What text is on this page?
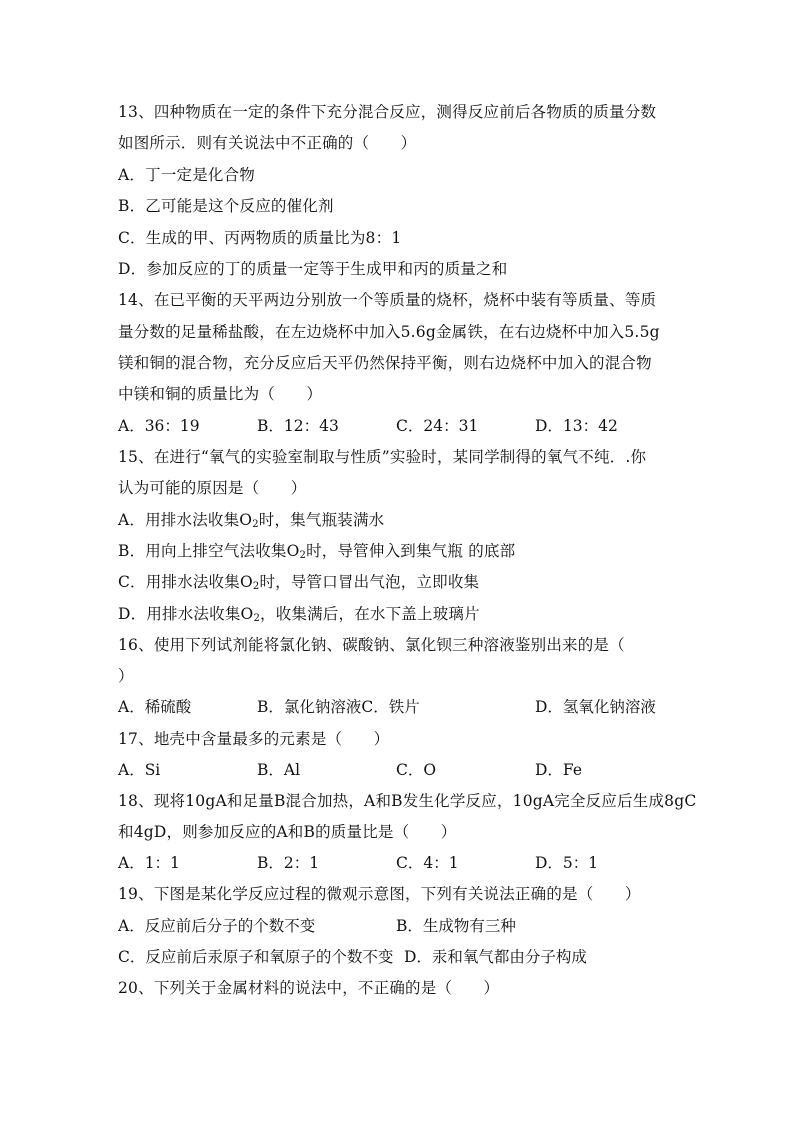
13、四种物质在一定的条件下充分混合反应，测得反应前后各物质的质量分数
如图所示．则有关说法中不正确的（　　）
A．丁一定是化合物
B．乙可能是这个反应的催化剂
C．生成的甲、丙两物质的质量比为8：1
D．参加反应的丁的质量一定等于生成甲和丙的质量之和
14、在已平衡的天平两边分别放一个等质量的烧杯，烧杯中装有等质量、等质
量分数的足量稀盐酸，在左边烧杯中加入5.6g金属铁，在右边烧杯中加入5.5g
镁和铜的混合物，充分反应后天平仍然保持平衡，则右边烧杯中加入的混合物
中镁和铜的质量比为（　　）
A．36：19	B．12：43	C．24：31	D．13：42
15、在进行“氧气的实验室制取与性质”实验时，某同学制得的氧气不纯．.你
认为可能的原因是（　　）
A．用排水法收集$O_2$时，集气瓶装满水
B．用向上排空气法收集$O_2$时，导管伸入到集气瓶 的底部
C．用排水法收集$O_2$时，导管口冒出气泡，立即收集
D．用排水法收集$O_2$，收集满后，在水下盖上玻璃片
16、使用下列试剂能将氯化钠、碳酸钠、氯化钡三种溶液鉴别出来的是（
）
A．稀硫酸	B．氯化钠溶液C．铁片	D．氢氧化钠溶液
17、地壳中含量最多的元素是（　　）
A．Si	B．Al	C．O	D．Fe
18、现将10gA和足量B混合加热，A和B发生化学反应，10gA完全反应后生成8gC
和4gD，则参加反应的A和B的质量比是（　　）
A．1：1	B．2：1	C．4：1	D．5：1
19、下图是某化学反应过程的微观示意图，下列有关说法正确的是（　　）
A．反应前后分子的个数不变	B．生成物有三种
C．反应前后汞原子和氧原子的个数不变 D．汞和氧气都由分子构成
20、下列关于金属材料的说法中，不正确的是（　　）
